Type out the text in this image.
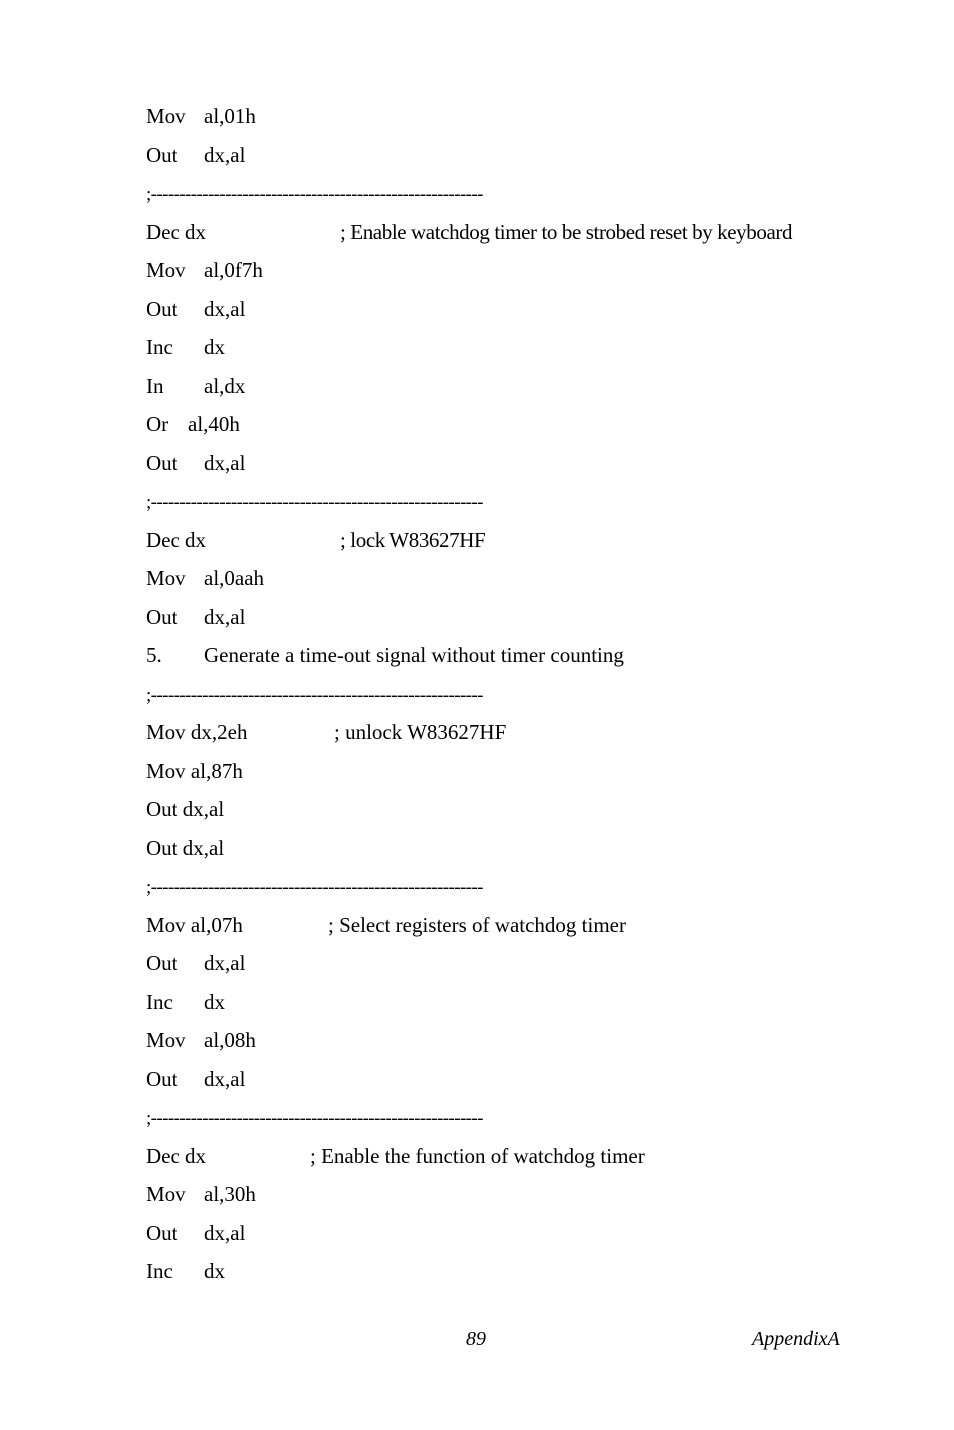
Mov al,01h
Out dx,al
;----------------------------------------------------------
Dec dx	; Enable watchdog timer to be strobed reset by keyboard
Mov al,0f7h
Out dx,al
Inc dx
In al,dx
Or al,40h
Out dx,al
;----------------------------------------------------------
Dec dx	; lock W83627HF
Mov al,0aah
Out dx,al
5. Generate a time-out signal without timer counting
;----------------------------------------------------------
Mov dx,2eh	; unlock W83627HF
Mov al,87h
Out dx,al
Out dx,al
;----------------------------------------------------------
Mov al,07h	; Select registers of watchdog timer
Out dx,al
Inc dx
Mov al,08h
Out dx,al
;----------------------------------------------------------
Dec dx	; Enable the function of watchdog timer
Mov al,30h
Out dx,al
Inc dx
89	AppendixA
